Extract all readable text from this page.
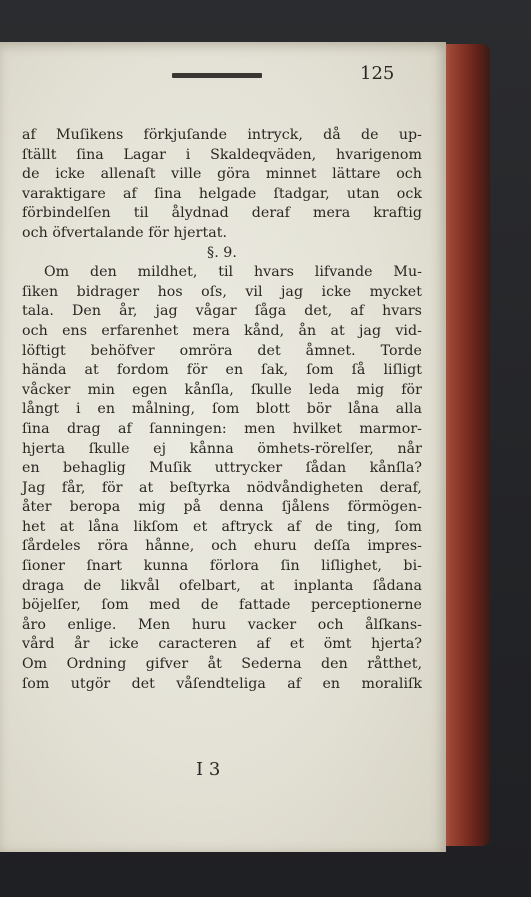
125
af Muſikens förkjuſande intryck, då de up-
ſtällt ſina Lagar i Skaldeqväden, hvarigenom
de icke allenaſt ville göra minnet lättare och
varaktigare af ſina helgade ſtadgar, utan ock
förbindelſen til ålydnad deraf mera kraftig
och öfvertalande för hjertat.
§. 9.
Om den mildhet, til hvars lifvande Mu-
ſiken bidrager hos oſs, vil jag icke mycket
tala. Den år, jag vågar ſåga det, af hvars
och ens erfarenhet mera kånd, ån at jag vid-
löftigt behöfver omröra det åmnet. Torde
hända at fordom för en ſak, ſom ſå liſligt
våcker min egen kånſla, ſkulle leda mig för
långt i en målning, ſom blott bör låna alla
ſina drag af ſanningen: men hvilket marmor-
hjerta ſkulle ej kånna ömhets-rörelſer, når
en behaglig Muſik uttrycker ſådan kånſla?
Jag får, för at beſtyrka nödvåndigheten deraf,
åter beropa mig på denna ſjålens förmögen-
het at låna likſom et aftryck af de ting, ſom
ſårdeles röra hånne, och ehuru deſſa impres-
ſioner ſnart kunna förlora ſin liſlighet, bi-
draga de likvål ofelbart, at inplanta ſådana
böjelſer, ſom med de fattade perceptionerne
åro enlige. Men huru vacker och ålſkans-
vård år icke caracteren af et ömt hjerta?
Om Ordning gifver åt Sederna den råtthet,
ſom utgör det våſendteliga af en moraliſk
I 3
